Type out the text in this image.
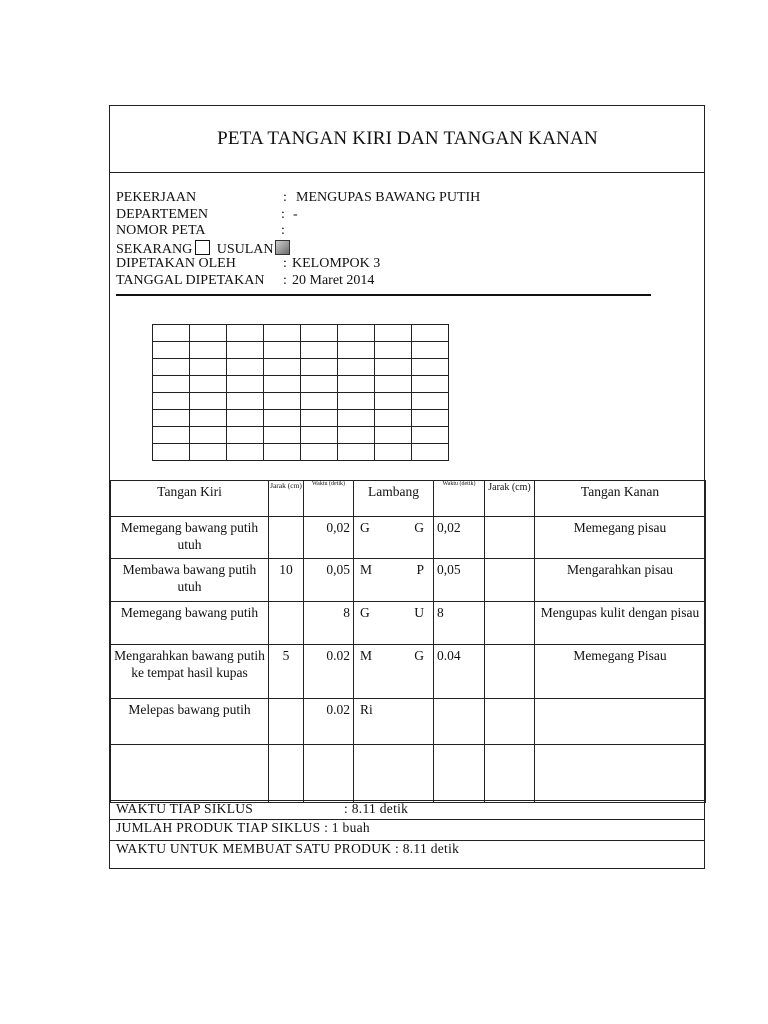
PETA TANGAN KIRI DAN TANGAN KANAN
PEKERJAAN	: MENGUPAS BAWANG PUTIH
DEPARTEMEN	: -
NOMOR PETA	:
SEKARANG USULAN
DIPETAKAN OLEH	: KELOMPOK 3
TANGGAL DIPETAKAN : 20 Maret 2014

Tangan Kiri	Jarak (cm)	Waktu (detik)	Lambang	Waktu (detik)	Jarak (cm)	Tangan Kanan
Memegang bawang putih utuh		0,02	G G	0,02		Memegang pisau
Membawa bawang putih utuh	10	0,05	M P	0,05		Mengarahkan pisau
Memegang bawang putih		8	G U	8		Mengupas kulit dengan pisau
Mengarahkan bawang putih ke tempat hasil kupas	5	0.02	M G	0.04		Memegang Pisau
Melepas bawang putih		0.02	Ri			

WAKTU TIAP SIKLUS	: 8.11 detik
JUMLAH PRODUK TIAP SIKLUS : 1 buah
WAKTU UNTUK MEMBUAT SATU PRODUK : 8.11 detik
